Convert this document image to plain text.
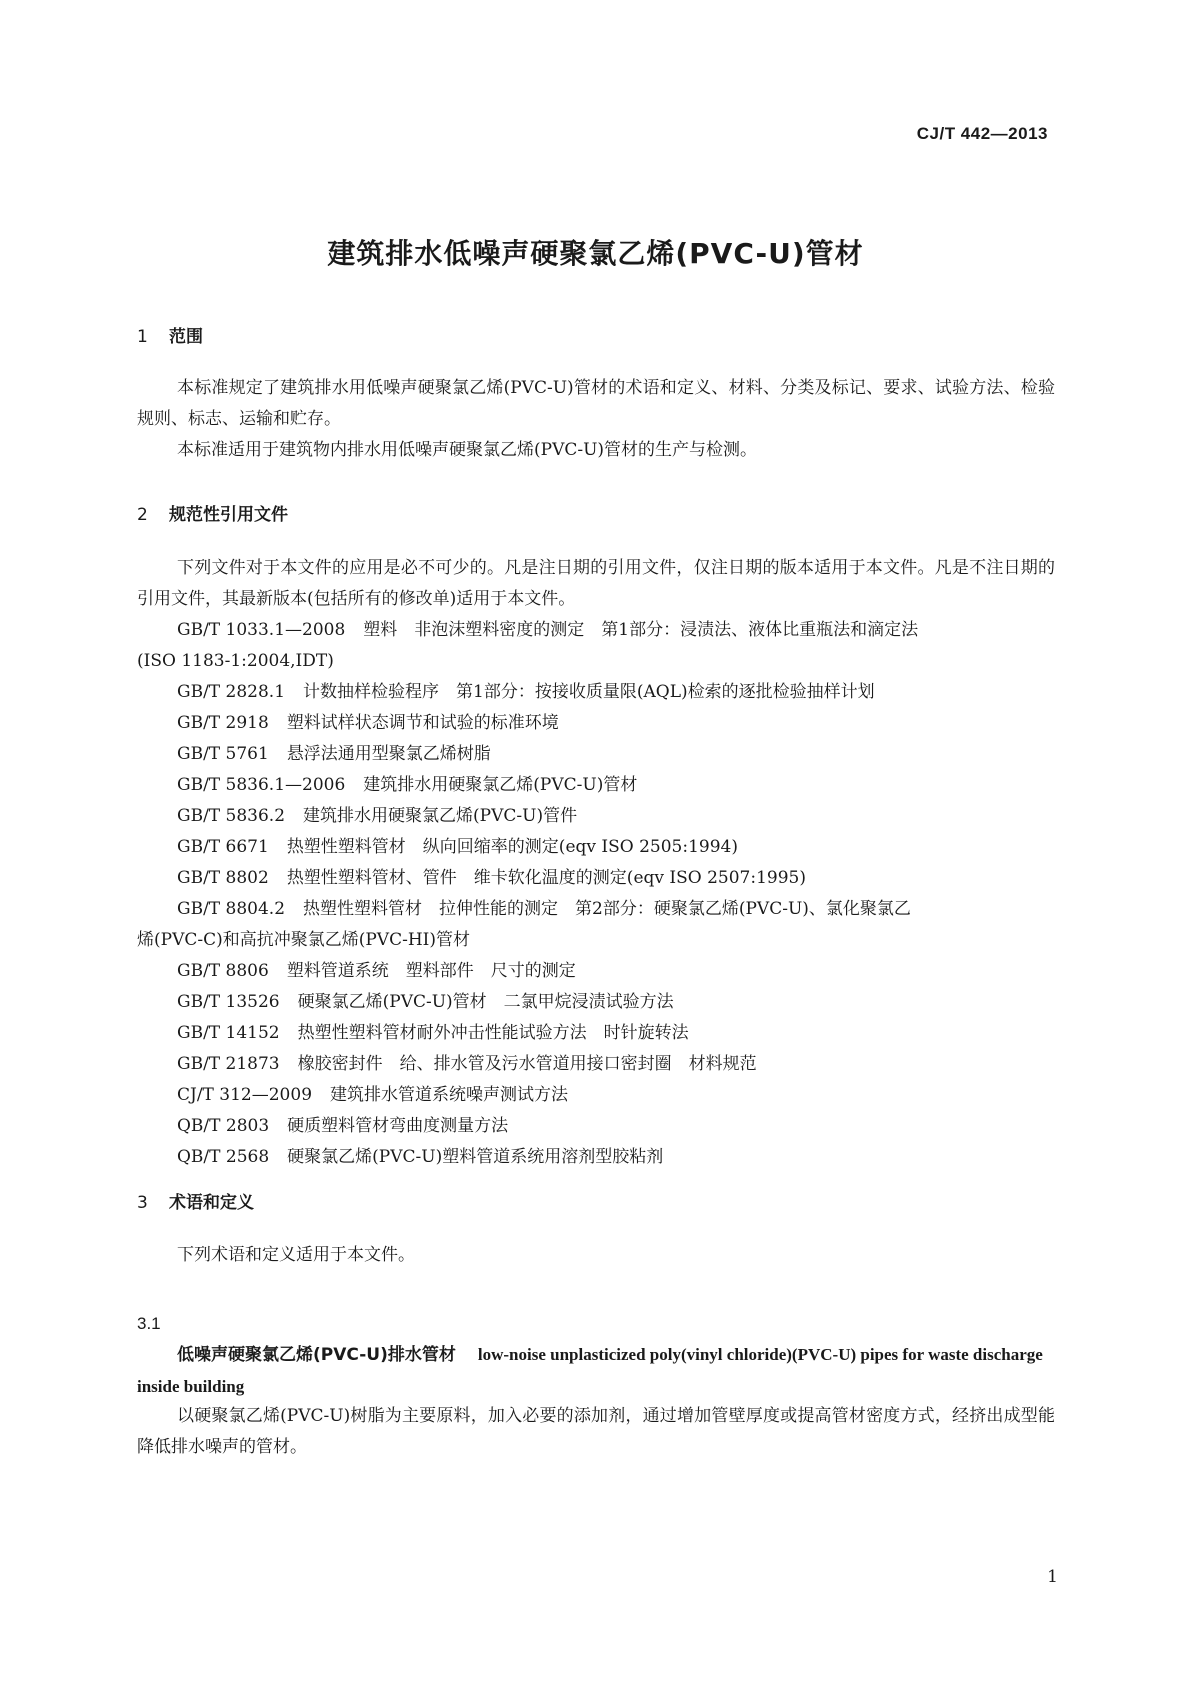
CJ/T 442—2013
建筑排水低噪声硬聚氯乙烯(PVC-U)管材
1 范围

本标准规定了建筑排水用低噪声硬聚氯乙烯(PVC-U)管材的术语和定义、材料、分类及标记、要求、试验方法、检验规则、标志、运输和贮存。

本标准适用于建筑物内排水用低噪声硬聚氯乙烯(PVC-U)管材的生产与检测。

2 规范性引用文件

下列文件对于本文件的应用是必不可少的。凡是注日期的引用文件，仅注日期的版本适用于本文件。凡是不注日期的引用文件，其最新版本(包括所有的修改单)适用于本文件。

GB/T 1033.1—2008 塑料　非泡沫塑料密度的测定　第1部分：浸渍法、液体比重瓶法和滴定法
(ISO 1183-1:2004,IDT)

GB/T 2828.1 计数抽样检验程序　第1部分：按接收质量限(AQL)检索的逐批检验抽样计划

GB/T 2918 塑料试样状态调节和试验的标准环境

GB/T 5761 悬浮法通用型聚氯乙烯树脂

GB/T 5836.1—2006 建筑排水用硬聚氯乙烯(PVC-U)管材

GB/T 5836.2 建筑排水用硬聚氯乙烯(PVC-U)管件

GB/T 6671 热塑性塑料管材　纵向回缩率的测定(eqv ISO 2505:1994)

GB/T 8802 热塑性塑料管材、管件　维卡软化温度的测定(eqv ISO 2507:1995)

GB/T 8804.2 热塑性塑料管材　拉伸性能的测定　第2部分：硬聚氯乙烯(PVC-U)、氯化聚氯乙
烯(PVC-C)和高抗冲聚氯乙烯(PVC-HI)管材

GB/T 8806 塑料管道系统　塑料部件　尺寸的测定

GB/T 13526 硬聚氯乙烯(PVC-U)管材　二氯甲烷浸渍试验方法

GB/T 14152 热塑性塑料管材耐外冲击性能试验方法　时针旋转法

GB/T 21873 橡胶密封件　给、排水管及污水管道用接口密封圈　材料规范

CJ/T 312—2009 建筑排水管道系统噪声测试方法

QB/T 2803 硬质塑料管材弯曲度测量方法

QB/T 2568 硬聚氯乙烯(PVC-U)塑料管道系统用溶剂型胶粘剂

3 术语和定义

下列术语和定义适用于本文件。

3.1
低噪声硬聚氯乙烯(PVC-U)排水管材 low-noise unplasticized poly(vinyl chloride)(PVC-U) pipes for waste discharge inside building

以硬聚氯乙烯(PVC-U)树脂为主要原料，加入必要的添加剂，通过增加管壁厚度或提高管材密度方式，经挤出成型能降低排水噪声的管材。

1
